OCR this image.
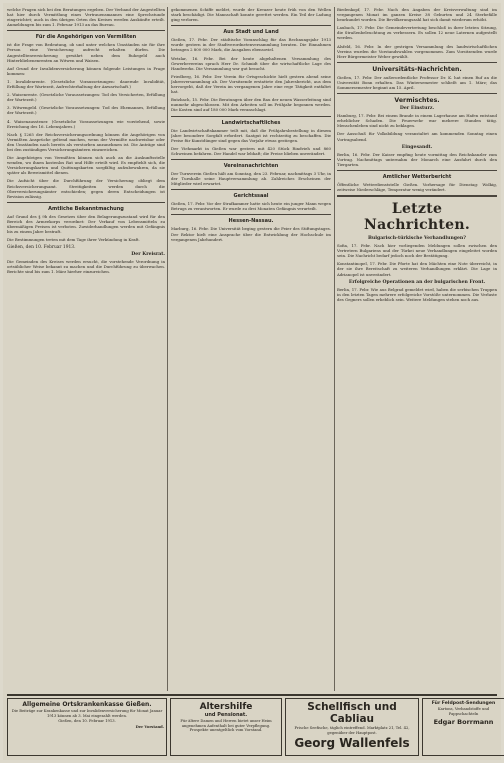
welche Fragen sich bei den Beratungen ergeben. Der Verband der Angestellten hat hier durch Vermittlung eines Vertrauensmannes eine Sprechstunde eingerichtet; auch in den übrigen Orten des Kreises werden Auskünfte erteilt. Anmeldungen bis zum 1. Februar 1913 an das Bureau.

Für die Angehörigen von Vermißten

ist die Frage von Bedeutung, ob und unter welchen Umständen sie für ihre Person eine Versicherung aufrecht erhalten dürfen. Die Angestelltenversicherung gewährt neben dem Ruhegeld auch Hinterbliebenenrenten an Witwen und Waisen.

Auf Grund der Invalidenversicherung können folgende Leistungen in Frage kommen:

1. Invalidenrente. (Gesetzliche Voraussetzungen: dauernde Invalidität, Erfüllung der Wartezeit, Aufrechterhaltung der Anwartschaft.)

2. Waisenrente. (Gesetzliche Voraussetzungen: Tod des Versicherten, Erfüllung der Wartezeit.)

3. Witwengeld. (Gesetzliche Voraussetzungen: Tod des Ehemannes, Erfüllung der Wartezeit.)

4. Waisenaussteuer. (Gesetzliche Voraussetzungen wie vorstehend, sowie Erreichung des 16. Lebensjahres.)

Nach § 1265 der Reichsversicherungsordnung können die Angehörigen von Vermißten Ansprüche geltend machen, wenn der Vermißte nachweisbar oder den Umständen nach bereits als verstorben anzunehmen ist. Die Anträge sind bei den zuständigen Versicherungsämtern einzureichen.

Die Angehörigen von Vermißten können sich auch an die Auskunftsstelle wenden, wo ihnen kostenlos Rat und Hilfe erteilt wird. Es empfiehlt sich, die Versicherungskarten und Quittungskarten sorgfältig aufzubewahren, da sie später als Beweismittel dienen.

Die Aufsicht über die Durchführung der Versicherung obliegt dem Reichsversicherungsamt. Streitigkeiten werden durch die Oberversicherungsämter entschieden; gegen deren Entscheidungen ist Revision zulässig.

Amtliche Bekanntmachung

Auf Grund des § 9b des Gesetzes über den Belagerungszustand wird für den Bereich des Armeekorps verordnet: Der Verkauf von Lebensmitteln zu übermäßigen Preisen ist verboten. Zuwiderhandlungen werden mit Gefängnis bis zu einem Jahre bestraft.

Die Bestimmungen treten mit dem Tage ihrer Verkündung in Kraft.

Gießen, den 10. Februar 1913.
Der Kreisrat.

Die Gemeinden des Kreises werden ersucht, die vorstehende Verordnung in ortsüblicher Weise bekannt zu machen und die Durchführung zu überwachen. Berichte sind bis zum 1. März hierher einzureichen.

gekommenen Schiffe meldet, wurde der Kreuzer heute früh von den Wellen stark beschädigt. Die Mannschaft konnte gerettet werden. Ein Teil der Ladung ging verloren.

Aus Stadt und Land

Gießen, 17. Febr. Der städtische Voranschlag für das Rechnungsjahr 1913 wurde gestern in der Stadtverordnetenversammlung beraten. Die Einnahmen betragen 2 800 000 Mark, die Ausgaben ebensoviel.

Wetzlar, 16. Febr. Bei der heute abgehaltenen Versammlung des Gewerbevereins sprach Herr Dr. Schmidt über die wirtschaftliche Lage des Handwerks. Die Versammlung war gut besucht.

Friedberg, 16. Febr. Der Verein für Ortsgeschichte hielt gestern abend seine Jahresversammlung ab. Der Vorsitzende erstattete den Jahresbericht, aus dem hervorgeht, daß der Verein im vergangenen Jahre eine rege Tätigkeit entfaltet hat.

Butzbach, 15. Febr. Die Beratungen über den Bau der neuen Wasserleitung sind nunmehr abgeschlossen. Mit den Arbeiten soll im Frühjahr begonnen werden. Die Kosten sind auf 180 000 Mark veranschlagt.

Landwirtschaftliches

Die Landwirtschaftskammer teilt mit, daß die Frühjahrsbestellung in diesem Jahre besondere Sorgfalt erfordert. Saatgut ist rechtzeitig zu beschaffen. Die Preise für Kunstdünger sind gegen das Vorjahr etwas gestiegen.

Der Viehmarkt in Gießen war gestern mit 420 Stück Rindvieh und 860 Schweinen befahren. Der Handel war lebhaft; die Preise blieben unverändert.

Vereinsnachrichten

Der Turnverein Gießen hält am Sonntag, den 23. Februar, nachmittags 3 Uhr, in der Turnhalle seine Hauptversammlung ab. Zahlreiches Erscheinen der Mitglieder wird erwartet.

Gerichtssaal

Gießen, 17. Febr. Vor der Strafkammer hatte sich heute ein junger Mann wegen Betrugs zu verantworten. Er wurde zu drei Monaten Gefängnis verurteilt.

Hessen-Nassau.

Marburg, 16. Febr. Die Universität beging gestern die Feier des Stiftungstages. Der Rektor hielt eine Ansprache über die Entwicklung der Hochschule im vergangenen Jahrhundert.

Biedenkopf, 17. Febr. Nach den Angaben der Kreisverwaltung sind im vergangenen Monat im ganzen Kreise 38 Geburten und 24 Sterbefälle beurkundet worden. Die Bevölkerungszahl hat sich damit wiederum erhöht.

Laubach, 17. Febr. Die Gemeindevertretung beschloß in ihrer letzten Sitzung, die Straßenbeleuchtung zu verbessern. Es sollen 12 neue Laternen aufgestellt werden.

Alsfeld, 16. Febr. In der gestrigen Versammlung des landwirtschaftlichen Vereins wurden die Vorstandswahlen vorgenommen. Zum Vorsitzenden wurde Herr Bürgermeister Weber gewählt.

Universitäts-Nachrichten.

Gießen, 17. Febr. Der außerordentliche Professor Dr. K. hat einen Ruf an die Universität Bonn erhalten. Das Wintersemester schließt am 1. März; das Sommersemester beginnt am 15. April.

Vermischtes.
Der Einsturz.

Hamburg, 17. Febr. Bei einem Brande in einem Lagerhause am Hafen entstand erheblicher Schaden. Die Feuerwehr war mehrere Stunden tätig. Menschenleben sind nicht zu beklagen.

Der Ausschuß für Volksbildung veranstaltet am kommenden Sonntag einen Vortragsabend.

Eingesandt.

Berlin, 16. Febr. Der Kaiser empfing heute vormittag den Reichskanzler zum Vortrag. Nachmittags unternahm der Monarch eine Ausfahrt durch den Tiergarten.

Amtlicher Wetterbericht

Öffentliche Wetterdienststelle Gießen. Vorhersage für Dienstag: Wolkig, zeitweise Niederschläge, Temperatur wenig verändert.

Letzte Nachrichten.
Bulgarisch-türkische Verhandlungen?

Sofia, 17. Febr. Nach hier vorliegenden Meldungen sollen zwischen den Vertretern Bulgariens und der Türkei neue Verhandlungen eingeleitet worden sein. Die Nachricht bedarf jedoch noch der Bestätigung.

Konstantinopel, 17. Febr. Die Pforte hat den Mächten eine Note überreicht, in der sie ihre Bereitschaft zu weiteren Verhandlungen erklärt. Die Lage in Adrianopel ist unverändert.

Erfolgreiche Operationen an der bulgarischen Front.

Berlin, 17. Febr. Wie aus Belgrad gemeldet wird, haben die serbischen Truppen in den letzten Tagen mehrere erfolgreiche Vorstöße unternommen. Die Verluste des Gegners sollen erheblich sein. Weitere Meldungen stehen noch aus.

Allgemeine Ortskrankenkasse Gießen.

Die Beiträge zur Krankenkasse und zur Invalidenversicherung für Monat Januar 1913 können ab 3. Mai eingezahlt werden.

Gießen, den 10. Februar 1913.

Der Vorstand.

Altershilfe
und Pensionat.

Für ältere Damen und Herren bietet unser Heim angenehmen Aufenthalt bei guter Verpflegung. Prospekte unentgeltlich vom Vorstand.

Schellfisch und Cabliau

Frische Seefische, täglich eintreffend. Marktplatz 21, Tel. 42, gegenüber der Hauptpost.

Georg Wallenfels
Für Feldpost-Sendungen

Kartons, Verbandstoffe und Pappschachteln

Edgar Borrmann
